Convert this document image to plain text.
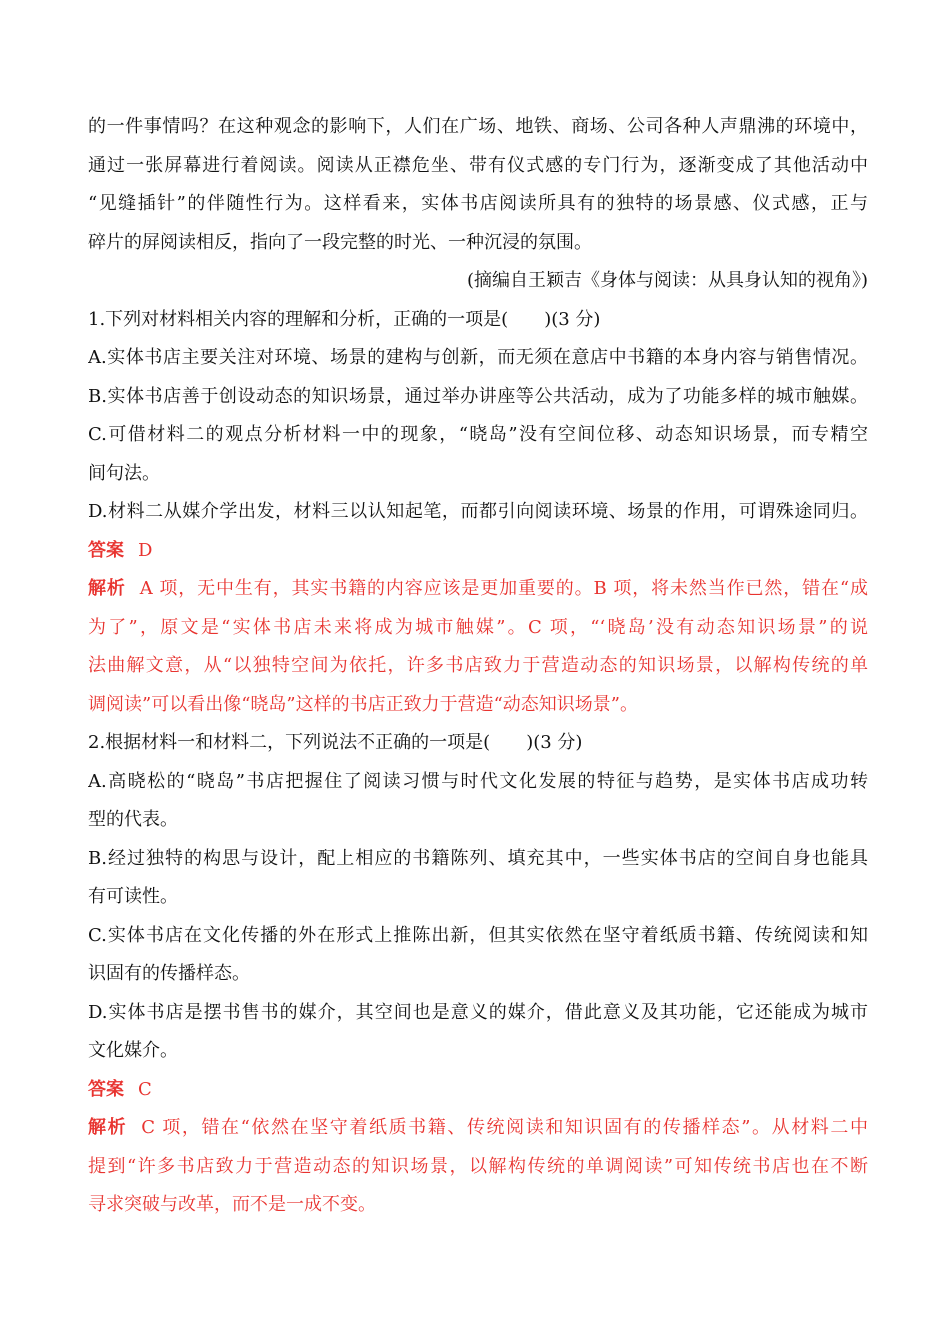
的一件事情吗？在这种观念的影响下，人们在广场、地铁、商场、公司各种人声鼎沸的环境中，
通过一张屏幕进行着阅读。阅读从正襟危坐、带有仪式感的专门行为，逐渐变成了其他活动中
“见缝插针”的伴随性行为。这样看来，实体书店阅读所具有的独特的场景感、仪式感，正与
碎片的屏阅读相反，指向了一段完整的时光、一种沉浸的氛围。
(摘编自王颖吉《身体与阅读：从具身认知的视角》)
1.下列对材料相关内容的理解和分析，正确的一项是(　　)(3 分)
A.实体书店主要关注对环境、场景的建构与创新，而无须在意店中书籍的本身内容与销售情况。
B.实体书店善于创设动态的知识场景，通过举办讲座等公共活动，成为了功能多样的城市触媒。
C.可借材料二的观点分析材料一中的现象，“晓岛”没有空间位移、动态知识场景，而专精空
间句法。
D.材料二从媒介学出发，材料三以认知起笔，而都引向阅读环境、场景的作用，可谓殊途同归。
答案 D
解析 A 项，无中生有，其实书籍的内容应该是更加重要的。B 项，将未然当作已然，错在“成
为了”，原文是“实体书店未来将成为城市触媒”。C 项，“‘晓岛’没有动态知识场景”的说
法曲解文意，从“以独特空间为依托，许多书店致力于营造动态的知识场景，以解构传统的单
调阅读”可以看出像“晓岛”这样的书店正致力于营造“动态知识场景”。
2.根据材料一和材料二，下列说法不正确的一项是(　　)(3 分)
A.高晓松的“晓岛”书店把握住了阅读习惯与时代文化发展的特征与趋势，是实体书店成功转
型的代表。
B.经过独特的构思与设计，配上相应的书籍陈列、填充其中，一些实体书店的空间自身也能具
有可读性。
C.实体书店在文化传播的外在形式上推陈出新，但其实依然在坚守着纸质书籍、传统阅读和知
识固有的传播样态。
D.实体书店是摆书售书的媒介，其空间也是意义的媒介，借此意义及其功能，它还能成为城市
文化媒介。
答案 C
解析 C 项，错在“依然在坚守着纸质书籍、传统阅读和知识固有的传播样态”。从材料二中
提到“许多书店致力于营造动态的知识场景，以解构传统的单调阅读”可知传统书店也在不断
寻求突破与改革，而不是一成不变。
